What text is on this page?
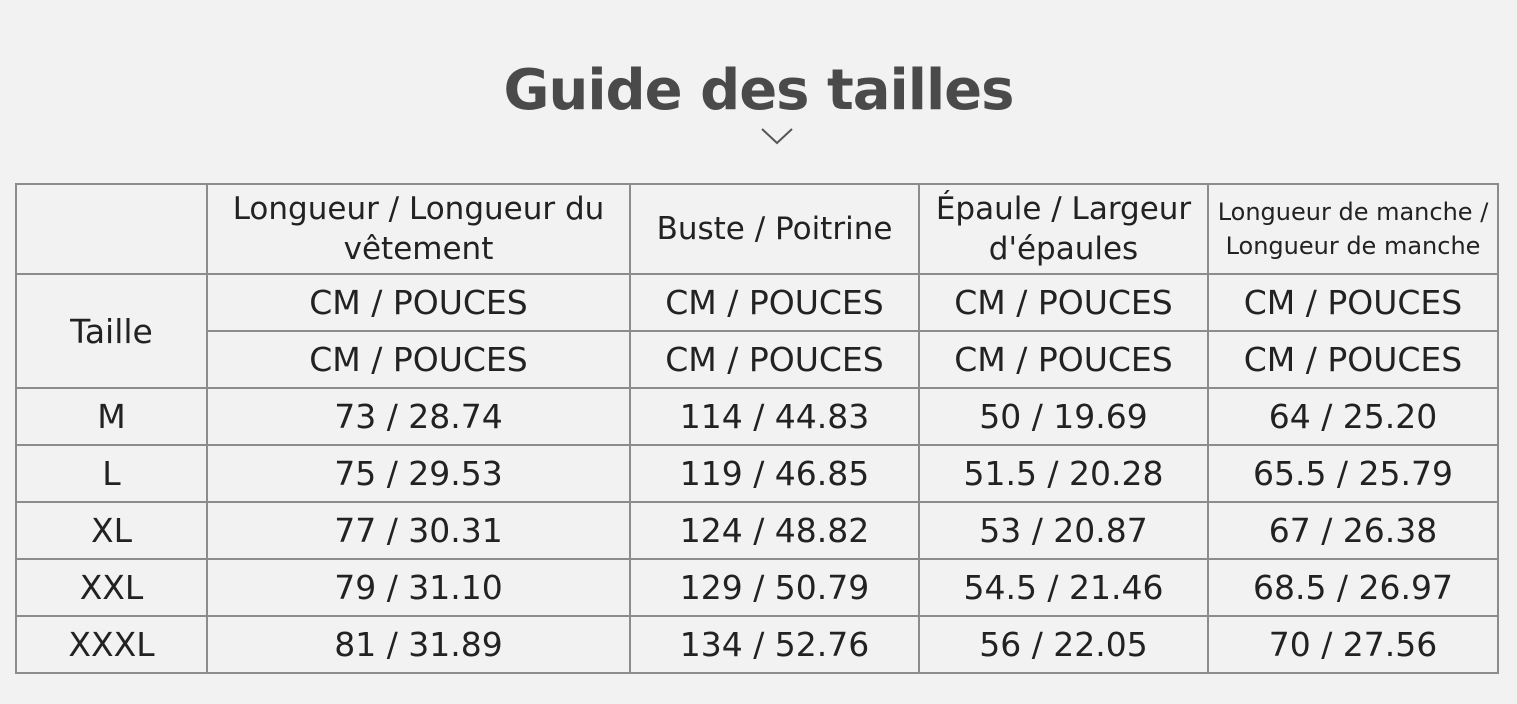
Guide des tailles
	Longueur / Longueur du vêtement	Buste / Poitrine	Épaule / Largeur d'épaules	Longueur de manche / Longueur de manche
Taille	CM / POUCES	CM / POUCES	CM / POUCES	CM / POUCES
	CM / POUCES	CM / POUCES	CM / POUCES	CM / POUCES
M	73 / 28.74	114 / 44.83	50 / 19.69	64 / 25.20
L	75 / 29.53	119 / 46.85	51.5 / 20.28	65.5 / 25.79
XL	77 / 30.31	124 / 48.82	53 / 20.87	67 / 26.38
XXL	79 / 31.10	129 / 50.79	54.5 / 21.46	68.5 / 26.97
XXXL	81 / 31.89	134 / 52.76	56 / 22.05	70 / 27.56
